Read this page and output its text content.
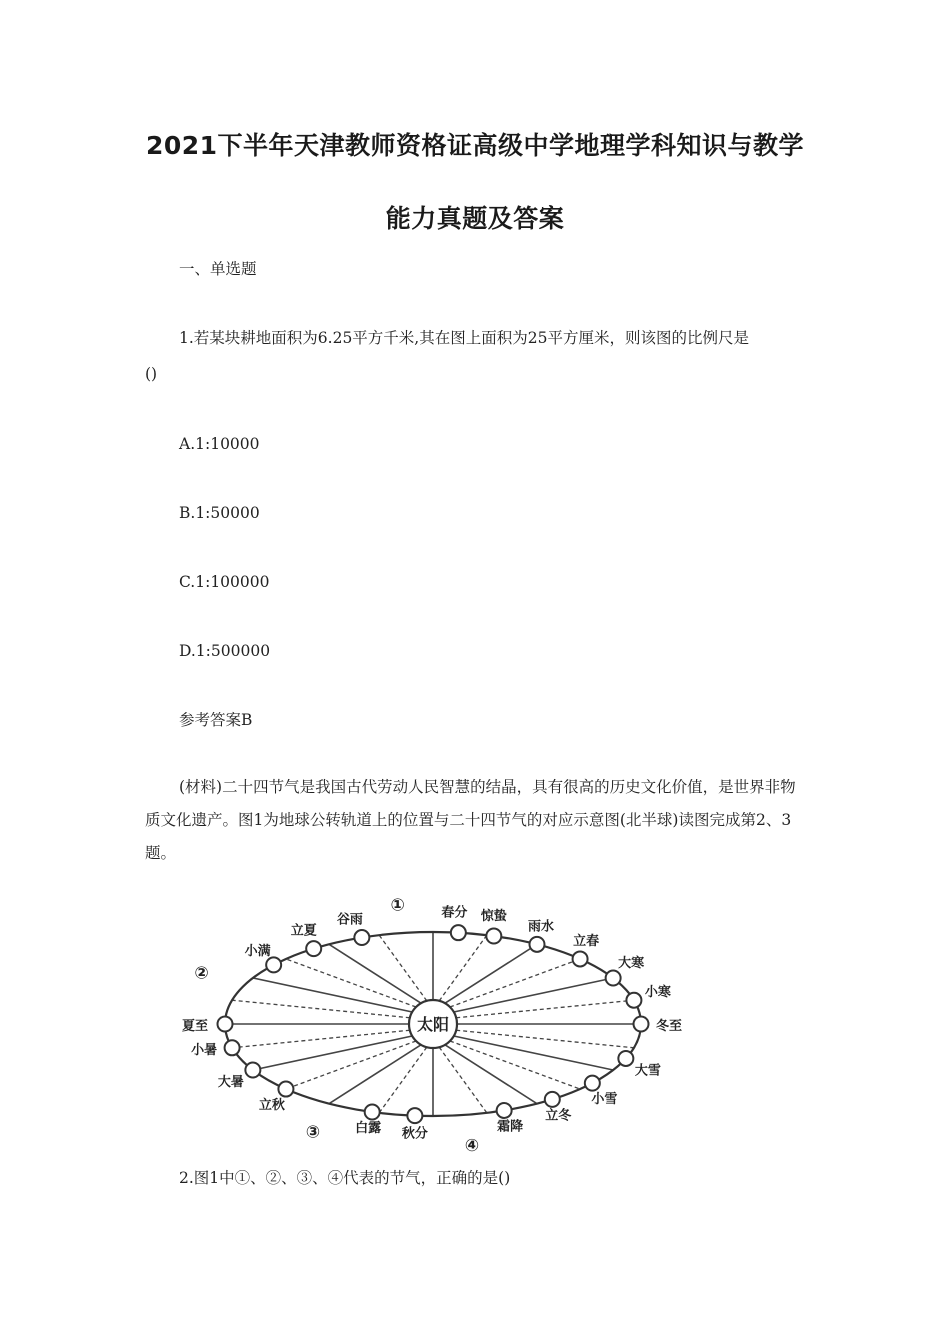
2021下半年天津教师资格证高级中学地理学科知识与教学
能力真题及答案
一、单选题
1.若某块耕地面积为6.25平方千米,其在图上面积为25平方厘米，则该图的比例尺是
()
A.1:10000
B.1:50000
C.1:100000
D.1:500000
参考答案B
(材料)二十四节气是我国古代劳动人民智慧的结晶，具有很高的历史文化价值，是世界非物质文化遗产。图1为地球公转轨道上的位置与二十四节气的对应示意图(北半球)读图完成第2、3题。
太阳	冬至
小寒
大寒
立春
雨水
惊蛰
春分
①
谷雨
立夏
小满
②
夏至
小暑
大暑
立秋
③	白露 秋分
④
霜降
立冬
小雪
大雪
2.图1中①、②、③、④代表的节气，正确的是()
